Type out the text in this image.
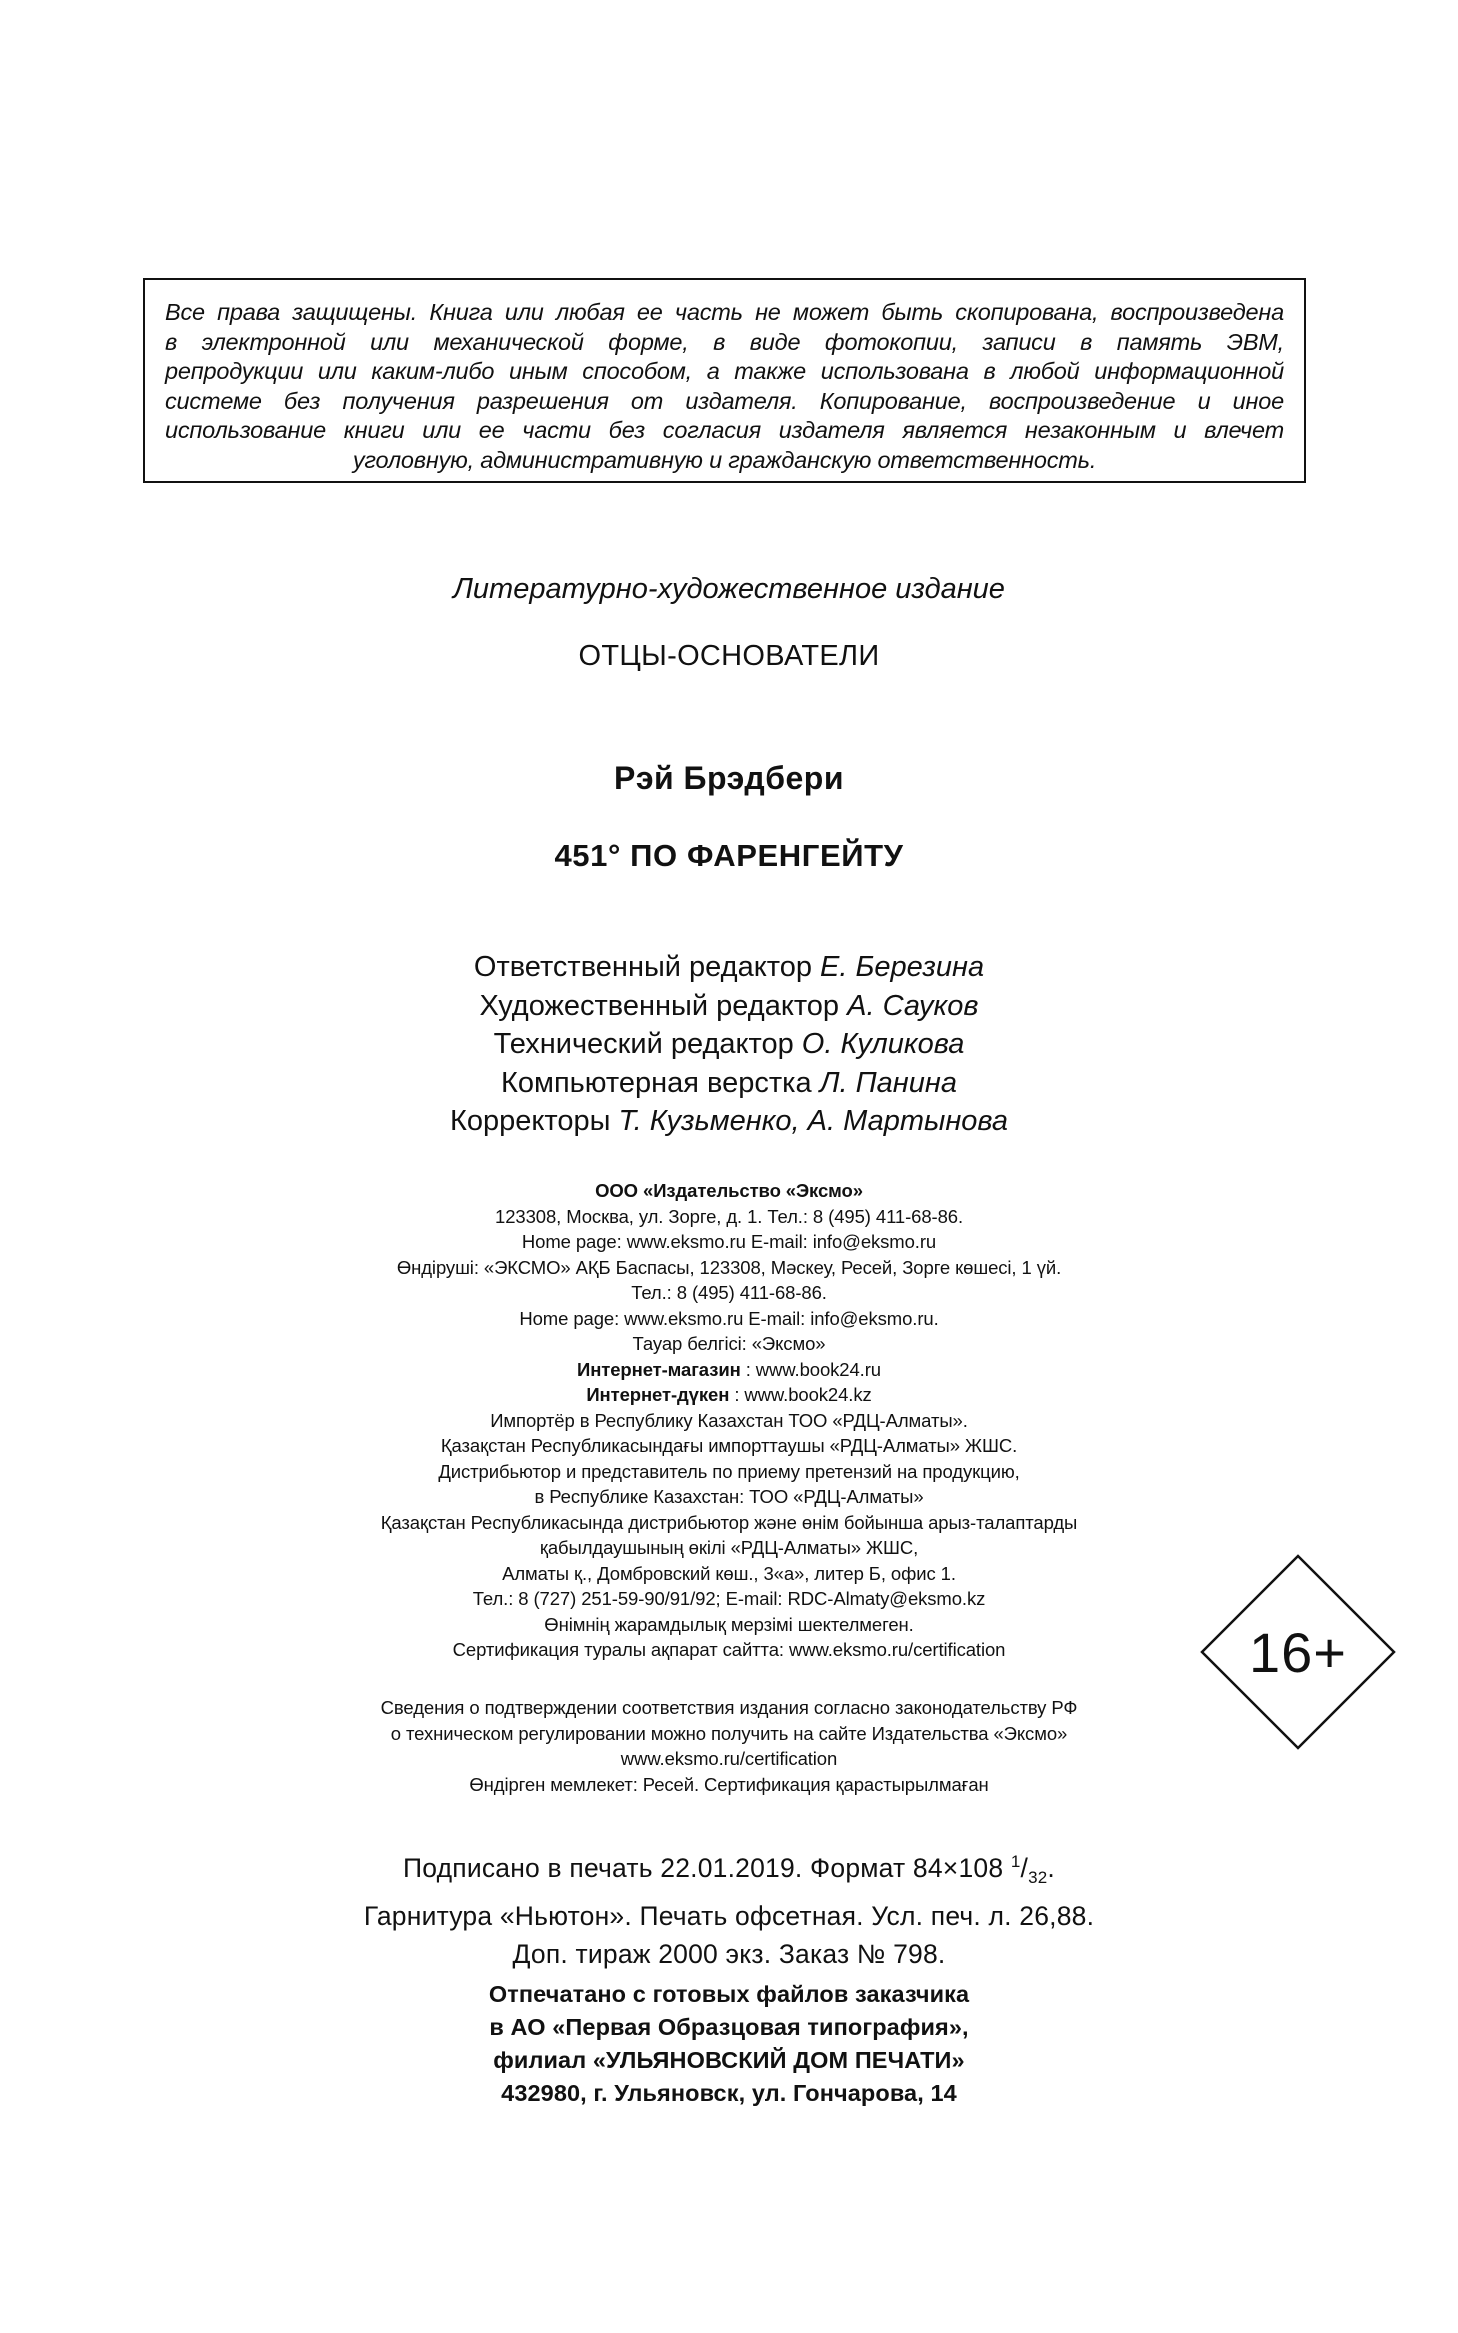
Все права защищены. Книга или любая ее часть не может быть скопирована, воспроизведена
в электронной или механической форме, в виде фотокопии, записи в память ЭВМ,
репродукции или каким-либо иным способом, а также использована в любой информационной
системе без получения разрешения от издателя. Копирование, воспроизведение и иное
использование книги или ее части без согласия издателя является незаконным и влечет
уголовную, административную и гражданскую ответственность.
Литературно-художественное издание
ОТЦЫ-ОСНОВАТЕЛИ
Рэй Брэдбери
451° ПО ФАРЕНГЕЙТУ
Ответственный редактор Е. Березина
Художественный редактор А. Сауков
Технический редактор О. Куликова
Компьютерная верстка Л. Панина
Корректоры Т. Кузьменко, А. Мартынова
ООО «Издательство «Эксмо»
123308, Москва, ул. Зорге, д. 1. Тел.: 8 (495) 411-68-86.
Home page: www.eksmo.ru E-mail: info@eksmo.ru
Өндіруші: «ЭКСМО» АҚБ Баспасы, 123308, Мәскеу, Ресей, Зорге көшесі, 1 үй.
Тел.: 8 (495) 411-68-86.
Home page: www.eksmo.ru E-mail: info@eksmo.ru.
Тауар белгісі: «Эксмо»
Интернет-магазин : www.book24.ru
Интернет-дүкен : www.book24.kz
Импортёр в Республику Казахстан ТОО «РДЦ-Алматы».
Қазақстан Республикасындағы импорттаушы «РДЦ-Алматы» ЖШС.
Дистрибьютор и представитель по приему претензий на продукцию,
в Республике Казахстан: ТОО «РДЦ-Алматы»
Қазақстан Республикасында дистрибьютор және өнім бойынша арыз-талаптарды
қабылдаушының өкілі «РДЦ-Алматы» ЖШС,
Алматы қ., Домбровский көш., 3«а», литер Б, офис 1.
Тел.: 8 (727) 251-59-90/91/92; E-mail: RDC-Almaty@eksmo.kz
Өнімнің жарамдылық мерзімі шектелмеген.
Сертификация туралы ақпарат сайтта: www.eksmo.ru/certification
Сведения о подтверждении соответствия издания согласно законодательству РФ
о техническом регулировании можно получить на сайте Издательства «Эксмо»
www.eksmo.ru/certification
Өндірген мемлекет: Ресей. Сертификация қарастырылмаған
16+
Подписано в печать 22.01.2019. Формат 84×108 $^1/_{32}$.
Гарнитура «Ньютон». Печать офсетная. Усл. печ. л. 26,88.
Доп. тираж 2000 экз. Заказ № 798.
Отпечатано с готовых файлов заказчика
в АО «Первая Образцовая типография»,
филиал «УЛЬЯНОВСКИЙ ДОМ ПЕЧАТИ»
432980, г. Ульяновск, ул. Гончарова, 14
